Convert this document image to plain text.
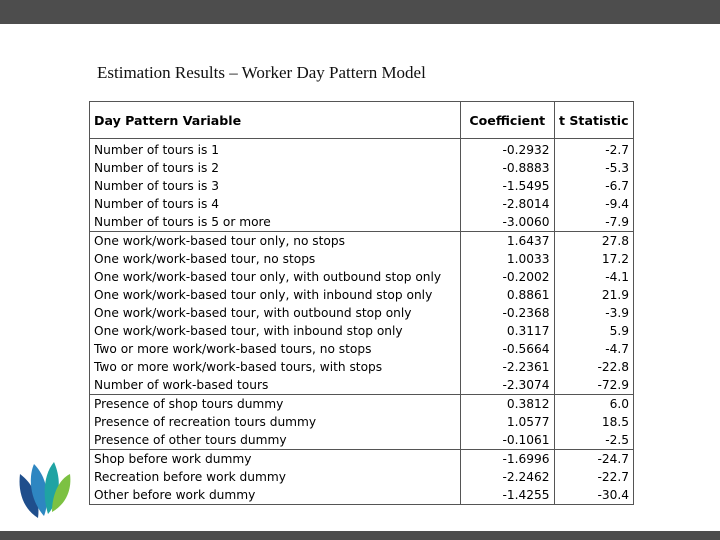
Estimation Results – Worker Day Pattern Model
Day Pattern Variable	Coefficient	t Statistic
Number of tours is 1	-0.2932	-2.7
Number of tours is 2	-0.8883	-5.3
Number of tours is 3	-1.5495	-6.7
Number of tours is 4	-2.8014	-9.4
Number of tours is 5 or more	-3.0060	-7.9
One work/work-based tour only, no stops	1.6437	27.8
One work/work-based tour, no stops	1.0033	17.2
One work/work-based tour only, with outbound stop only	-0.2002	-4.1
One work/work-based tour only, with inbound stop only	0.8861	21.9
One work/work-based tour, with outbound stop only	-0.2368	-3.9
One work/work-based tour, with inbound stop only	0.3117	5.9
Two or more work/work-based tours, no stops	-0.5664	-4.7
Two or more work/work-based tours, with stops	-2.2361	-22.8
Number of work-based tours	-2.3074	-72.9
Presence of shop tours dummy	0.3812	6.0
Presence of recreation tours dummy	1.0577	18.5
Presence of other tours dummy	-0.1061	-2.5
Shop before work dummy	-1.6996	-24.7
Recreation before work dummy	-2.2462	-22.7
Other before work dummy	-1.4255	-30.4
